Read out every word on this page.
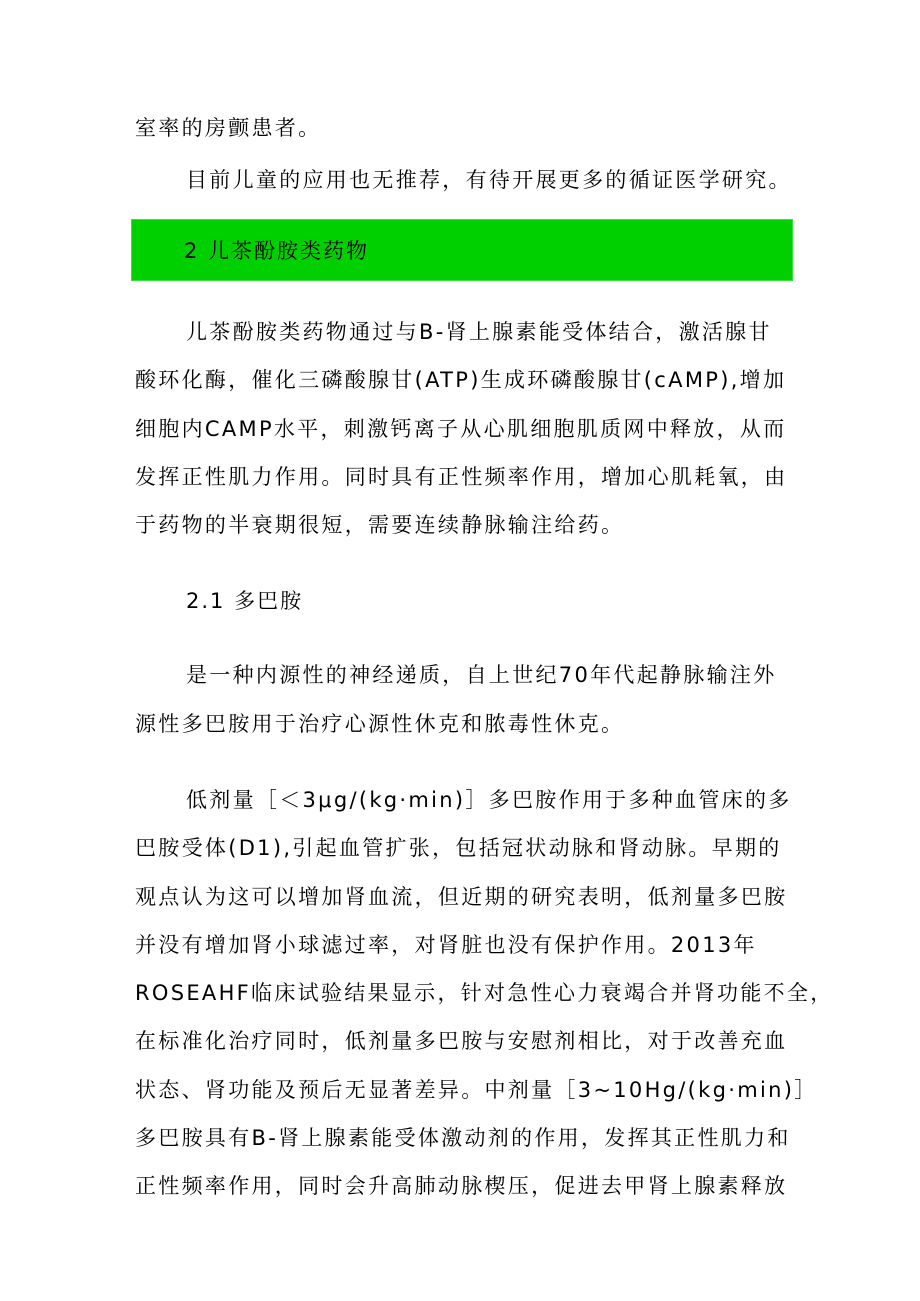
室率的房颤患者。
目前儿童的应用也无推荐，有待开展更多的循证医学研究。
2 儿茶酚胺类药物
儿茶酚胺类药物通过与B-肾上腺素能受体结合，激活腺甘
酸环化酶，催化三磷酸腺甘(ATP)生成环磷酸腺甘(cAMP),增加
细胞内CAMP水平，刺激钙离子从心肌细胞肌质网中释放，从而
发挥正性肌力作用。同时具有正性频率作用，增加心肌耗氧，由
于药物的半衰期很短，需要连续静脉输注给药。
2.1 多巴胺
是一种内源性的神经递质，自上世纪70年代起静脉输注外
源性多巴胺用于治疗心源性休克和脓毒性休克。
低剂量［＜3μg/(kg·min)］多巴胺作用于多种血管床的多
巴胺受体(D1),引起血管扩张，包括冠状动脉和肾动脉。早期的
观点认为这可以增加肾血流，但近期的研究表明，低剂量多巴胺
并没有增加肾小球滤过率，对肾脏也没有保护作用。2013年
ROSEAHF临床试验结果显示，针对急性心力衰竭合并肾功能不全，
在标准化治疗同时，低剂量多巴胺与安慰剂相比，对于改善充血
状态、肾功能及预后无显著差异。中剂量［3~10Hg/(kg·min)］
多巴胺具有B-肾上腺素能受体激动剂的作用，发挥其正性肌力和
正性频率作用，同时会升高肺动脉楔压，促进去甲肾上腺素释放
